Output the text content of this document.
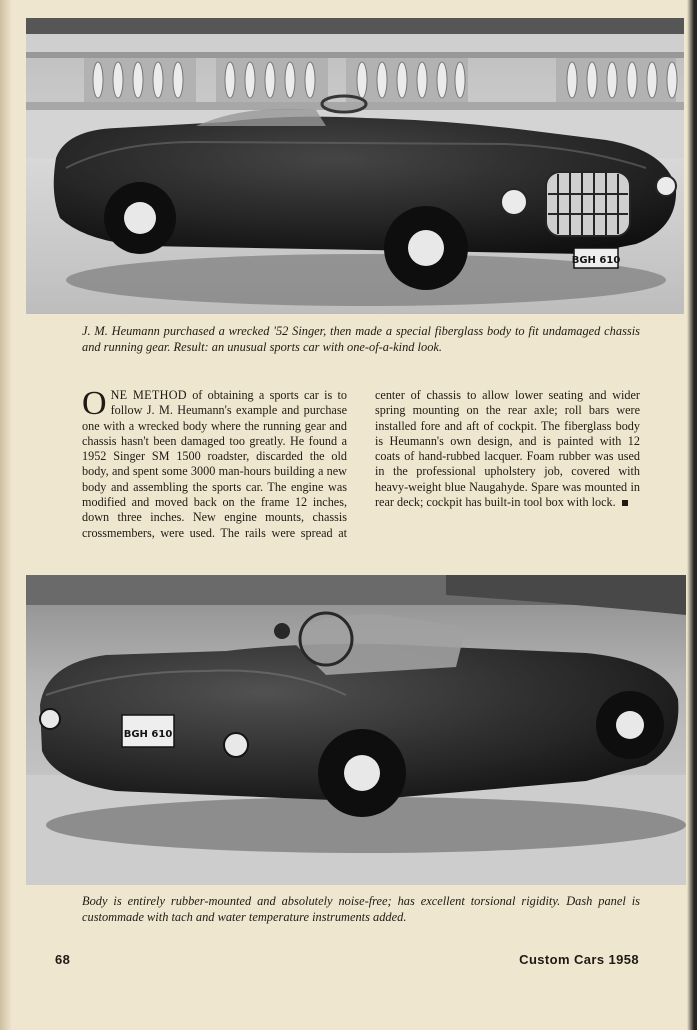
BGH 610

J. M. Heumann purchased a wrecked '52 Singer, then made a special fiberglass body to fit undamaged chassis and running gear. Result: an unusual sports car with one-of-a-kind look.

ONE METHOD of obtaining a sports car is to follow J. M. Heumann's example and purchase one with a wrecked body where the running gear and chassis hasn't been damaged too greatly. He found a 1952 Singer SM 1500 roadster, discarded the old body, and spent some 3000 man-hours building a new body and assembling the sports car. The engine was modified and moved back on the frame 12 inches, down three inches. New engine mounts, chassis crossmembers, were used. The rails were spread at center of chassis to allow lower seating and wider spring mounting on the rear axle; roll bars were installed fore and aft of cockpit. The fiberglass body is Heumann's own design, and is painted with 12 coats of hand-rubbed lacquer. Foam rubber was used in the professional upholstery job, covered with heavy-weight blue Naugahyde. Spare was mounted in rear deck; cockpit has built-in tool box with lock.

BGH 610

Body is entirely rubber-mounted and absolutely noise-free; has excellent torsional rigidity. Dash panel is custommade with tach and water temperature instruments added.

68	Custom Cars 1958
